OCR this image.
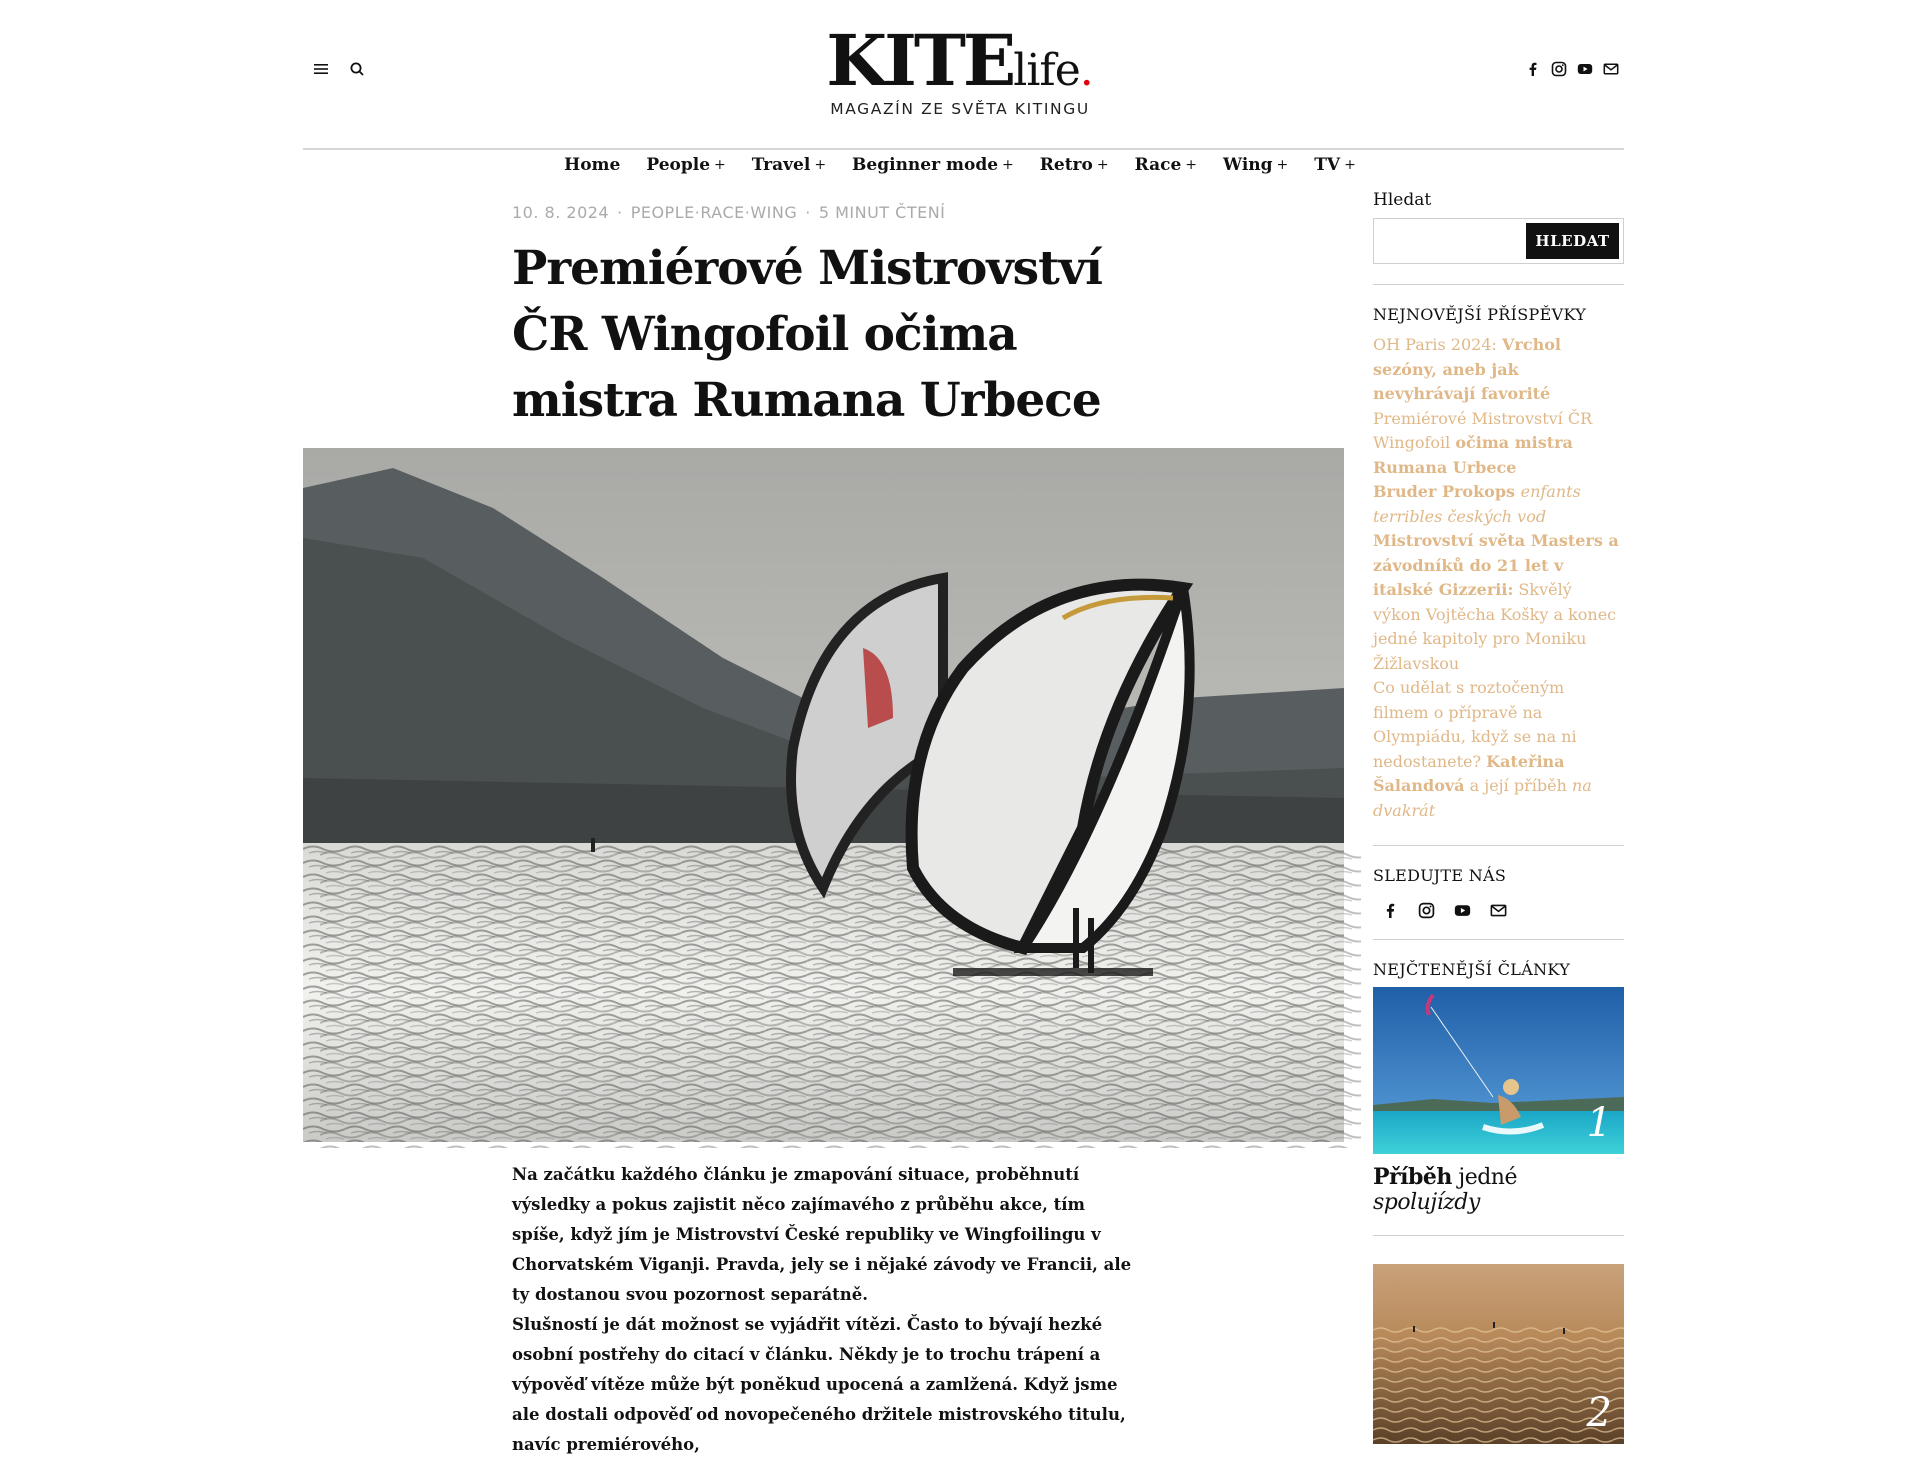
KITElife.
MAGAZÍN ZE SVĚTA KITINGU
Home People + Travel + Beginner mode + Retro + Race + Wing + TV +
10. 8. 2024 · PEOPLE·RACE·WING · 5 MINUT ČTENÍ
Premiérové Mistrovství ČR Wingofoil očima mistra Rumana Urbece

Na začátku každého článku je zmapování situace, proběhnutí výsledky a pokus zajistit něco zajímavého z průběhu akce, tím spíše, když jím je Mistrovství České republiky ve Wingfoilingu v Chorvatském Viganji. Pravda, jely se i nějaké závody ve Francii, ale ty dostanou svou pozornost separátně.

Slušností je dát možnost se vyjádřit vítězi. Často to bývají hezké osobní postřehy do citací v článku. Někdy je to trochu trápení a výpověď vítěze může být poněkud upocená a zamlžená. Když jsme ale dostali odpověď od novopečeného držitele mistrovského titulu, navíc premiérového,

Hledat
HLEDAT
NEJNOVĚJŠÍ PŘÍSPĚVKY
OH Paris 2024: Vrchol sezóny, aneb jak nevyhrávají favorité
Premiérové Mistrovství ČR Wingofoil očima mistra Rumana Urbece
Bruder Prokops enfants terribles českých vod
Mistrovství světa Masters a závodníků do 21 let v italské Gizzerii: Skvělý výkon Vojtěcha Košky a konec jedné kapitoly pro Moniku Žižlavskou
Co udělat s roztočeným filmem o přípravě na Olympiádu, když se na ni nedostanete? Kateřina Šalandová a její příběh na dvakrát
SLEDUJTE NÁS
NEJČTENĚJŠÍ ČLÁNKY
1
Příběh jedné spolujízdy
2
